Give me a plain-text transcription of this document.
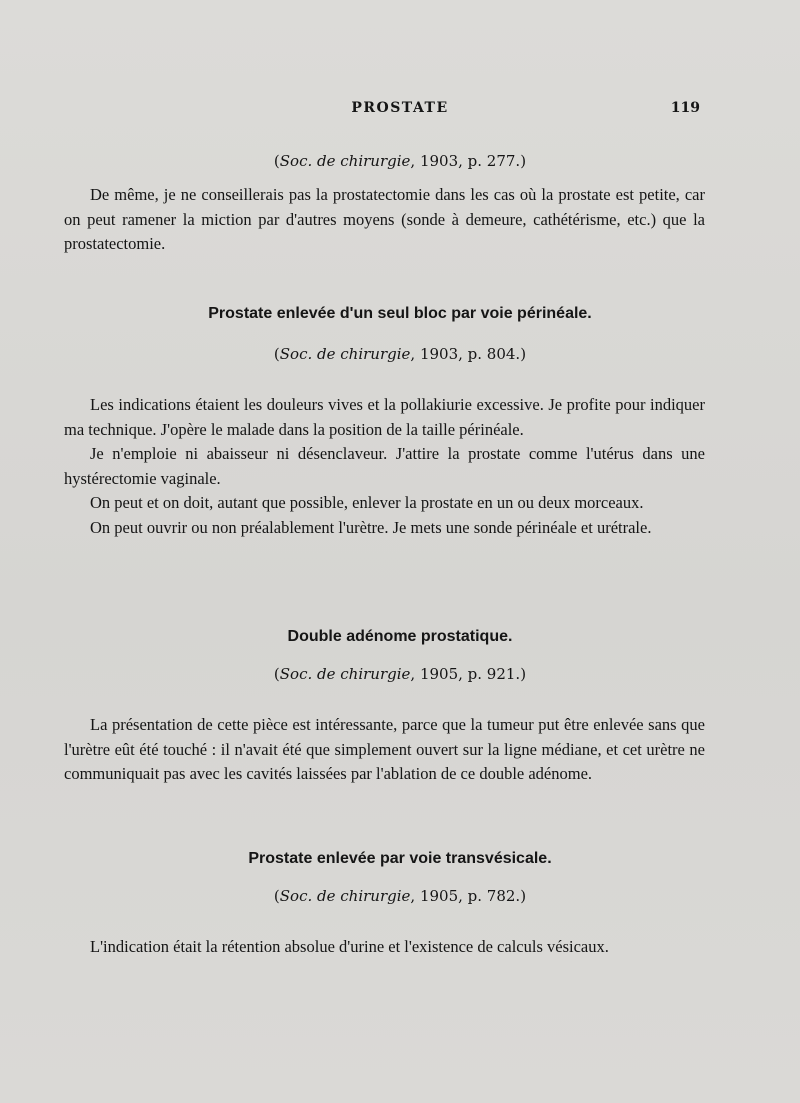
PROSTATE	119
(Soc. de chirurgie, 1903, p. 277.)

De même, je ne conseillerais pas la prostatectomie dans les cas où la prostate est petite, car on peut ramener la miction par d'autres moyens (sonde à demeure, cathétérisme, etc.) que la prostatectomie.

Prostate enlevée d'un seul bloc par voie périnéale.
(Soc. de chirurgie, 1903, p. 804.)

Les indications étaient les douleurs vives et la pollakiurie excessive. Je profite pour indiquer ma technique. J'opère le malade dans la position de la taille périnéale.

Je n'emploie ni abaisseur ni désenclaveur. J'attire la prostate comme l'utérus dans une hystérectomie vaginale.

On peut et on doit, autant que possible, enlever la prostate en un ou deux morceaux.

On peut ouvrir ou non préalablement l'urètre. Je mets une sonde périnéale et urétrale.

Double adénome prostatique.
(Soc. de chirurgie, 1905, p. 921.)

La présentation de cette pièce est intéressante, parce que la tumeur put être enlevée sans que l'urètre eût été touché : il n'avait été que simplement ouvert sur la ligne médiane, et cet urètre ne communiquait pas avec les cavités laissées par l'ablation de ce double adénome.

Prostate enlevée par voie transvésicale.
(Soc. de chirurgie, 1905, p. 782.)

L'indication était la rétention absolue d'urine et l'existence de calculs vésicaux.
